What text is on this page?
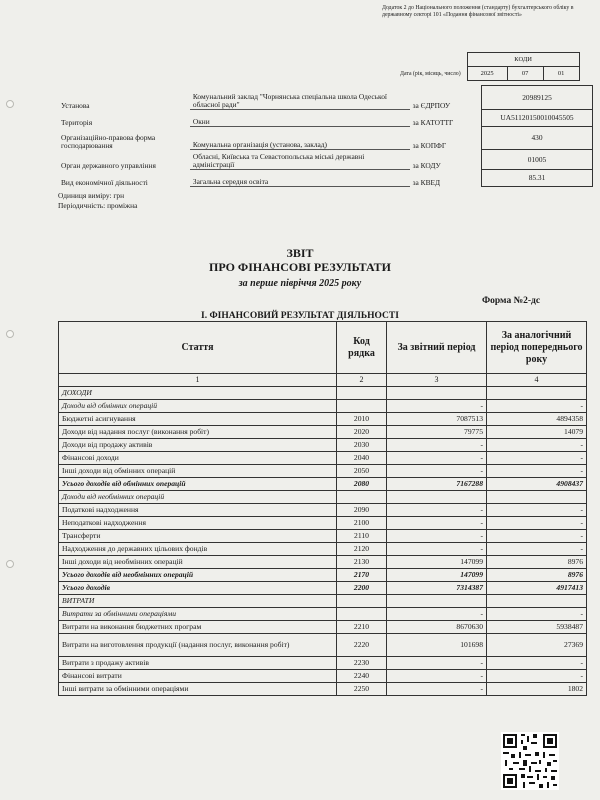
Додаток 2 до Національного положення (стандарту) бухгалтерського обліку в державному секторі 101 «Подання фінансової звітності»
	КОДИ		
Дата (рік, місяць, число)	2025	07	01
Установа	Комунальний заклад "Чорнянська спеціальна школа Одеської обласної ради"	за ЄДРПОУ	20989125
Територія	Окни	за КАТОТТГ	UA51120150010045505
Організаційно-правова форма господарювання	Комунальна організація (установа, заклад)	за КОПФГ	430
Орган державного управління	Обласні, Київська та Севастопольська міські державні адміністрації	за КОДУ	01005
Вид економічної діяльності	Загальна середня освіта	за КВЕД	85.31
Одиниця виміру: грн
Періодичність: проміжна
ЗВІТ
ПРО ФІНАНСОВІ РЕЗУЛЬТАТИ
за перше півріччя 2025 року
Форма №2-дс
I. ФІНАНСОВИЙ РЕЗУЛЬТАТ ДІЯЛЬНОСТІ
Стаття	Код рядка	За звітний період	За аналогічний період попереднього року
1	2	3	4
ДОХОДИ			
Доходи від обмінних операцій		-	-
Бюджетні асигнування	2010	7087513	4894358
Доходи від надання послуг (виконання робіт)	2020	79775	14079
Доходи від продажу активів	2030	-	-
Фінансові доходи	2040	-	-
Інші доходи від обмінних операцій	2050	-	-
Усього доходів від обмінних операцій	2080	7167288	4908437
Доходи від необмінних операцій			
Податкові надходження	2090	-	-
Неподаткові надходження	2100	-	-
Трансферти	2110	-	-
Надходження до державних цільових фондів	2120	-	-
Інші доходи від необмінних операцій	2130	147099	8976
Усього доходів від необмінних операцій	2170	147099	8976
Усього доходів	2200	7314387	4917413
ВИТРАТИ			
Витрати за обмінними операціями		-	-
Витрати на виконання бюджетних програм	2210	8670630	5938487
Витрати на виготовлення продукції (надання послуг, виконання робіт)	2220	101698	27369
Витрати з продажу активів	2230	-	-
Фінансові витрати	2240	-	-
Інші витрати за обмінними операціями	2250	-	1802
